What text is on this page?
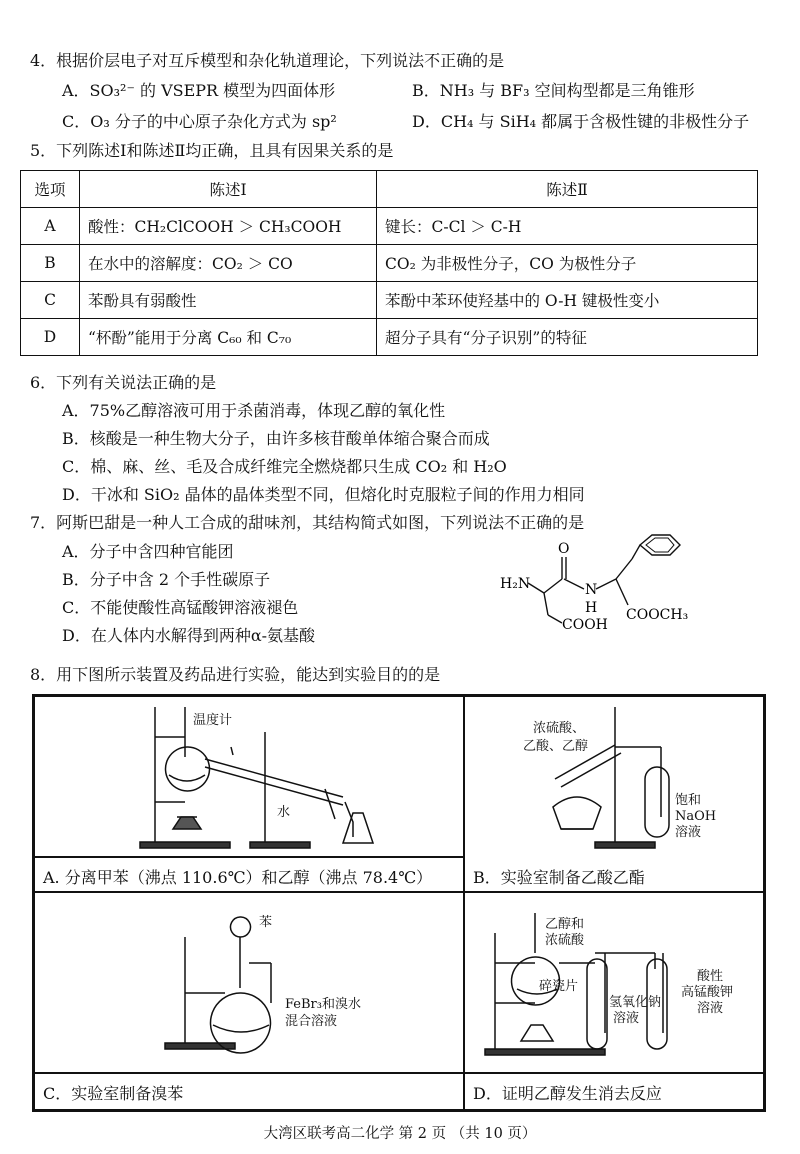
4．根据价层电子对互斥模型和杂化轨道理论，下列说法不正确的是
A．SO₃²⁻ 的 VSEPR 模型为四面体形	B．NH₃ 与 BF₃ 空间构型都是三角锥形
C．O₃ 分子的中心原子杂化方式为 sp²	D．CH₄ 与 SiH₄ 都属于含极性键的非极性分子
5．下列陈述Ⅰ和陈述Ⅱ均正确，且具有因果关系的是
选项	陈述Ⅰ	陈述Ⅱ
A	酸性：CH₂ClCOOH ＞ CH₃COOH	键长：C-Cl ＞ C-H
B	在水中的溶解度：CO₂ ＞ CO	CO₂ 为非极性分子，CO 为极性分子
C	苯酚具有弱酸性	苯酚中苯环使羟基中的 O-H 键极性变小
D	“杯酚”能用于分离 C₆₀ 和 C₇₀	超分子具有“分子识别”的特征
6．下列有关说法正确的是
A．75%乙醇溶液可用于杀菌消毒，体现乙醇的氧化性
B．核酸是一种生物大分子，由许多核苷酸单体缩合聚合而成
C．棉、麻、丝、毛及合成纤维完全燃烧都只生成 CO₂ 和 H₂O
D．干冰和 SiO₂ 晶体的晶体类型不同，但熔化时克服粒子间的作用力相同
7．阿斯巴甜是一种人工合成的甜味剂，其结构简式如图，下列说法不正确的是
A．分子中含四种官能团
B．分子中含 2 个手性碳原子
C．不能使酸性高锰酸钾溶液褪色
D．在人体内水解得到两种α-氨基酸
H₂N
O
N
H
COOH
COOCH₃
8．用下图所示装置及药品进行实验，能达到实验目的的是
温度计
水
A. 分离甲苯（沸点 110.6℃）和乙醇（沸点 78.4℃）
浓硫酸、
乙酸、乙醇
饱和
NaOH
溶液
B．实验室制备乙酸乙酯
苯
FeBr₃和溴水
混合溶液
C．实验室制备溴苯
乙醇和
浓硫酸
碎瓷片
氢氧化钠
溶液
酸性
高锰酸钾
溶液
D．证明乙醇发生消去反应
大湾区联考高二化学 第 2 页 （共 10 页）
